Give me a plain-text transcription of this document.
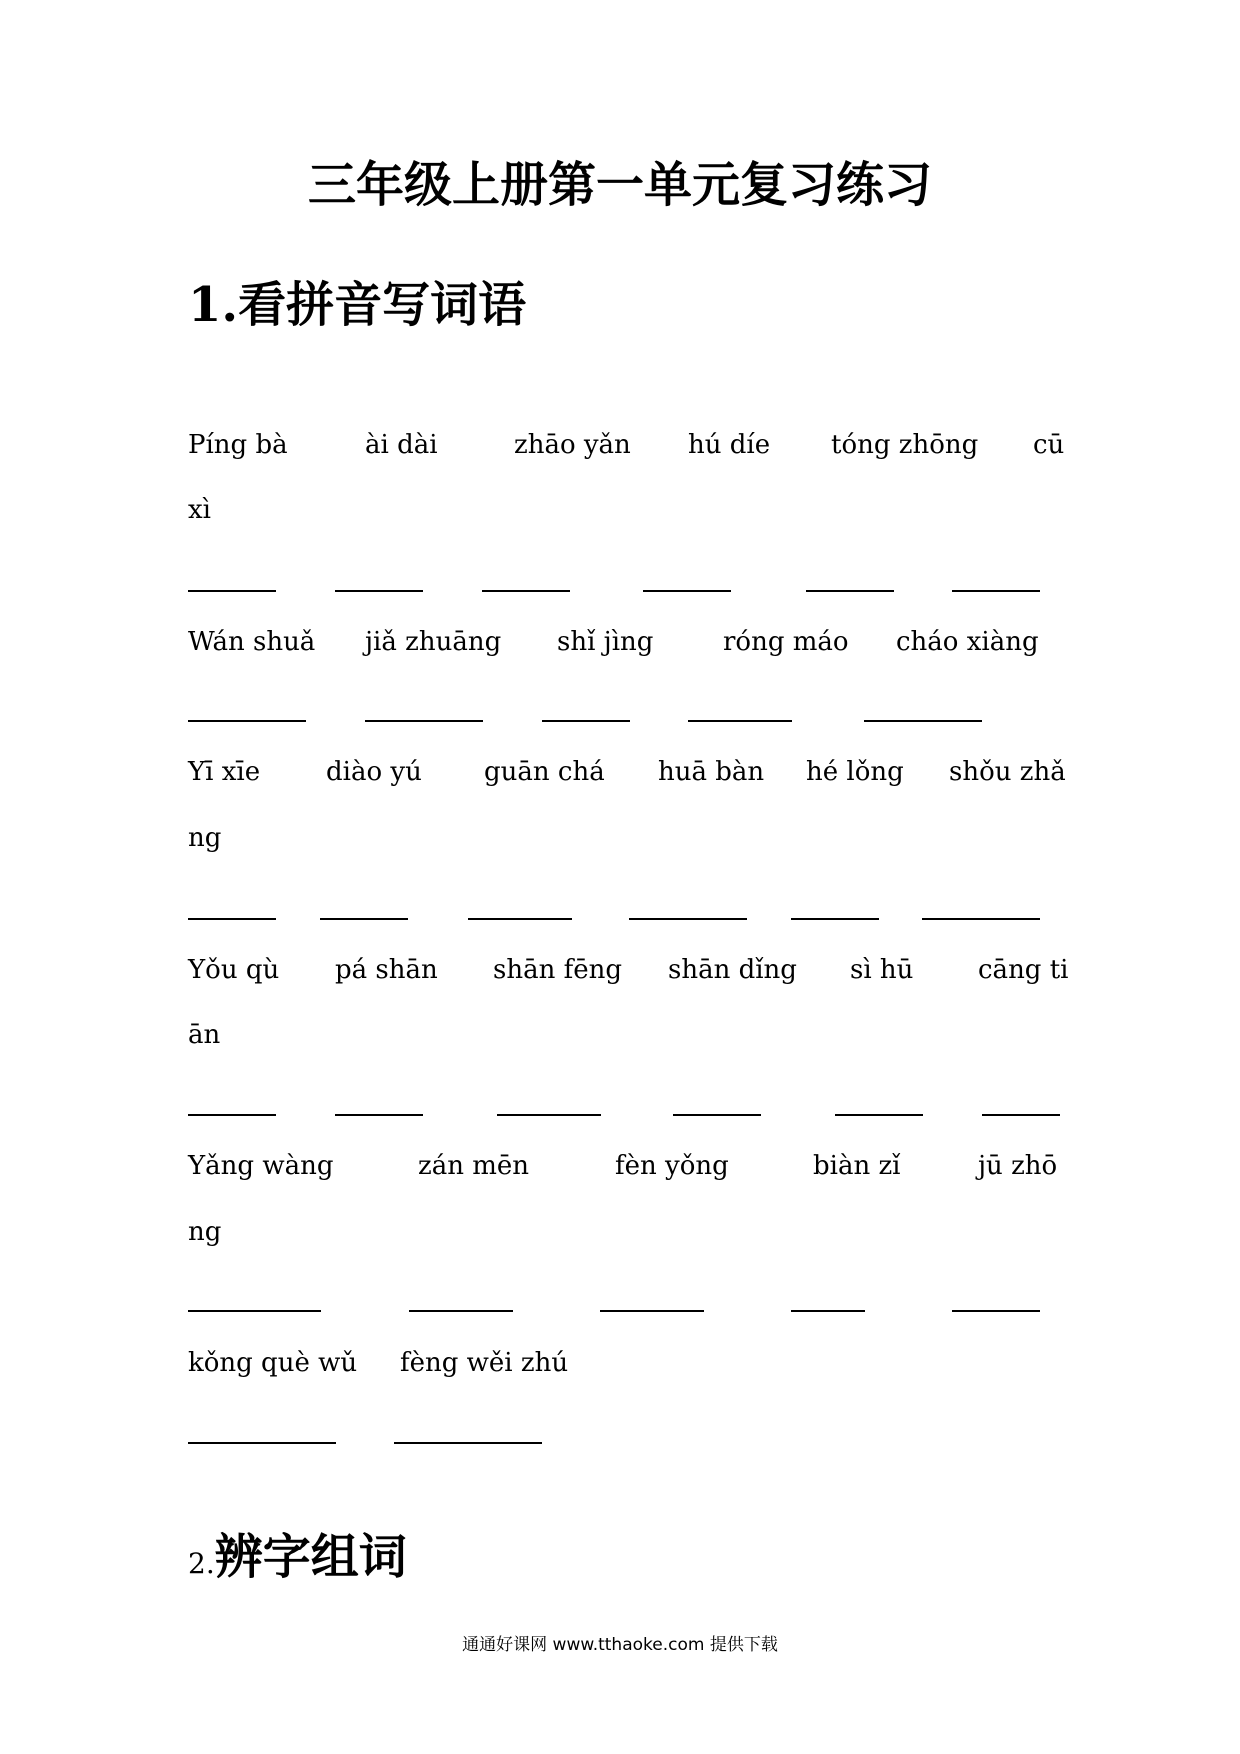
三年级上册第一单元复习练习
1.看拼音写词语
Píng bà	ài dài	zhāo yǎn hú díe tóng zhōng cū
xì
Wán shuǎ jiǎ zhuāng shǐ jìng	róng máo cháo xiàng
Yī xīe	diào yú guān chá huā bàn hé lǒng shǒu zhǎ
ng
Yǒu qù pá shān shān fēng shān dǐng sì hū cāng ti
ān
Yǎng wàng	zán mēn	fèn yǒng	biàn zǐ	jū zhō
ng
kǒng què wǔ fèng wěi zhú
2.辨字组词
通通好课网 www.tthaoke.com 提供下载
